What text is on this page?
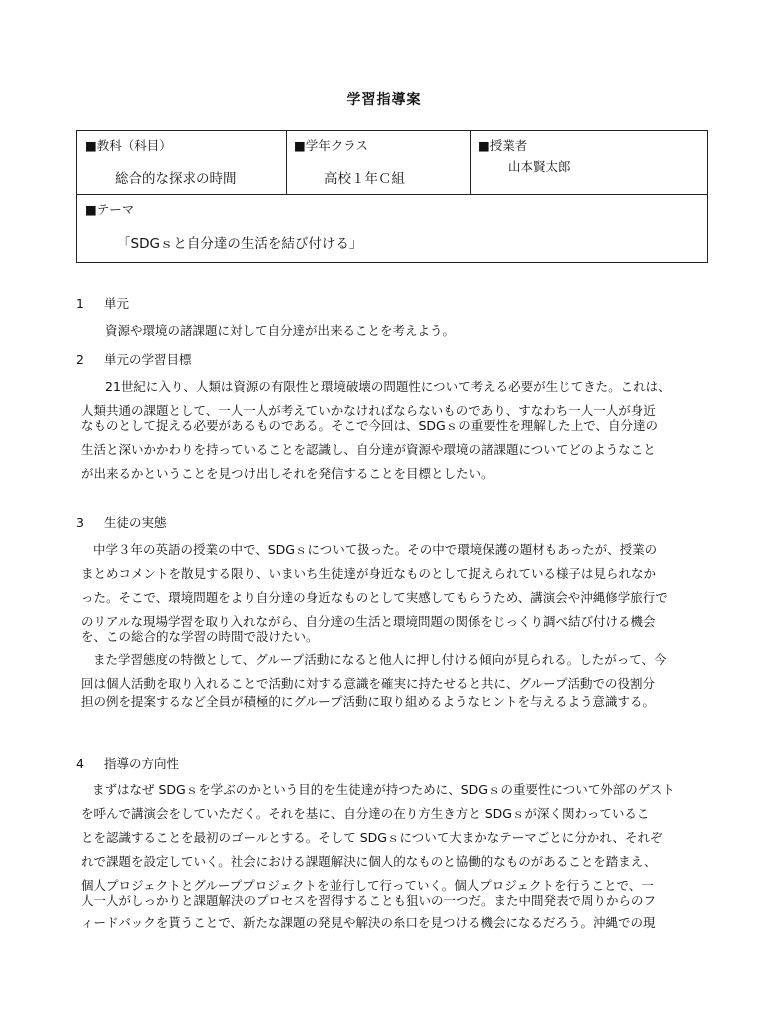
学習指導案
■教科（科目）
総合的な探求の時間
■学年クラス
高校１年Ｃ組
■授業者
山本賢太郎
■テーマ
「SDGｓと自分達の生活を結び付ける」
1 単元
資源や環境の諸課題に対して自分達が出来ることを考えよう。
2 単元の学習目標
21世紀に入り、人類は資源の有限性と環境破壊の問題性について考える必要が生じてきた。これは、
人類共通の課題として、一人一人が考えていかなければならないものであり、すなわち一人一人が身近
なものとして捉える必要があるものである。そこで今回は、SDGｓの重要性を理解した上で、自分達の
生活と深いかかわりを持っていることを認識し、自分達が資源や環境の諸課題についてどのようなこと
が出来るかということを見つけ出しそれを発信することを目標としたい。
3 生徒の実態
中学３年の英語の授業の中で、SDGｓについて扱った。その中で環境保護の題材もあったが、授業の
まとめコメントを散見する限り、いまいち生徒達が身近なものとして捉えられている様子は見られなか
った。そこで、環境問題をより自分達の身近なものとして実感してもらうため、講演会や沖縄修学旅行で
のリアルな現場学習を取り入れながら、自分達の生活と環境問題の関係をじっくり調べ結び付ける機会
を、この総合的な学習の時間で設けたい。
また学習態度の特徴として、グループ活動になると他人に押し付ける傾向が見られる。したがって、今
回は個人活動を取り入れることで活動に対する意識を確実に持たせると共に、グループ活動での役割分
担の例を提案するなど全員が積極的にグループ活動に取り組めるようなヒントを与えるよう意識する。
4 指導の方向性
まずはなぜ SDGｓを学ぶのかという目的を生徒達が持つために、SDGｓの重要性について外部のゲスト
を呼んで講演会をしていただく。それを基に、自分達の在り方生き方と SDGｓが深く関わっているこ
とを認識することを最初のゴールとする。そして SDGｓについて大まかなテーマごとに分かれ、それぞ
れで課題を設定していく。社会における課題解決に個人的なものと協働的なものがあることを踏まえ、
個人プロジェクトとグループプロジェクトを並行して行っていく。個人プロジェクトを行うことで、一
人一人がしっかりと課題解決のプロセスを習得することも狙いの一つだ。また中間発表で周りからのフ
ィードバックを貰うことで、新たな課題の発見や解決の糸口を見つける機会になるだろう。沖縄での現
